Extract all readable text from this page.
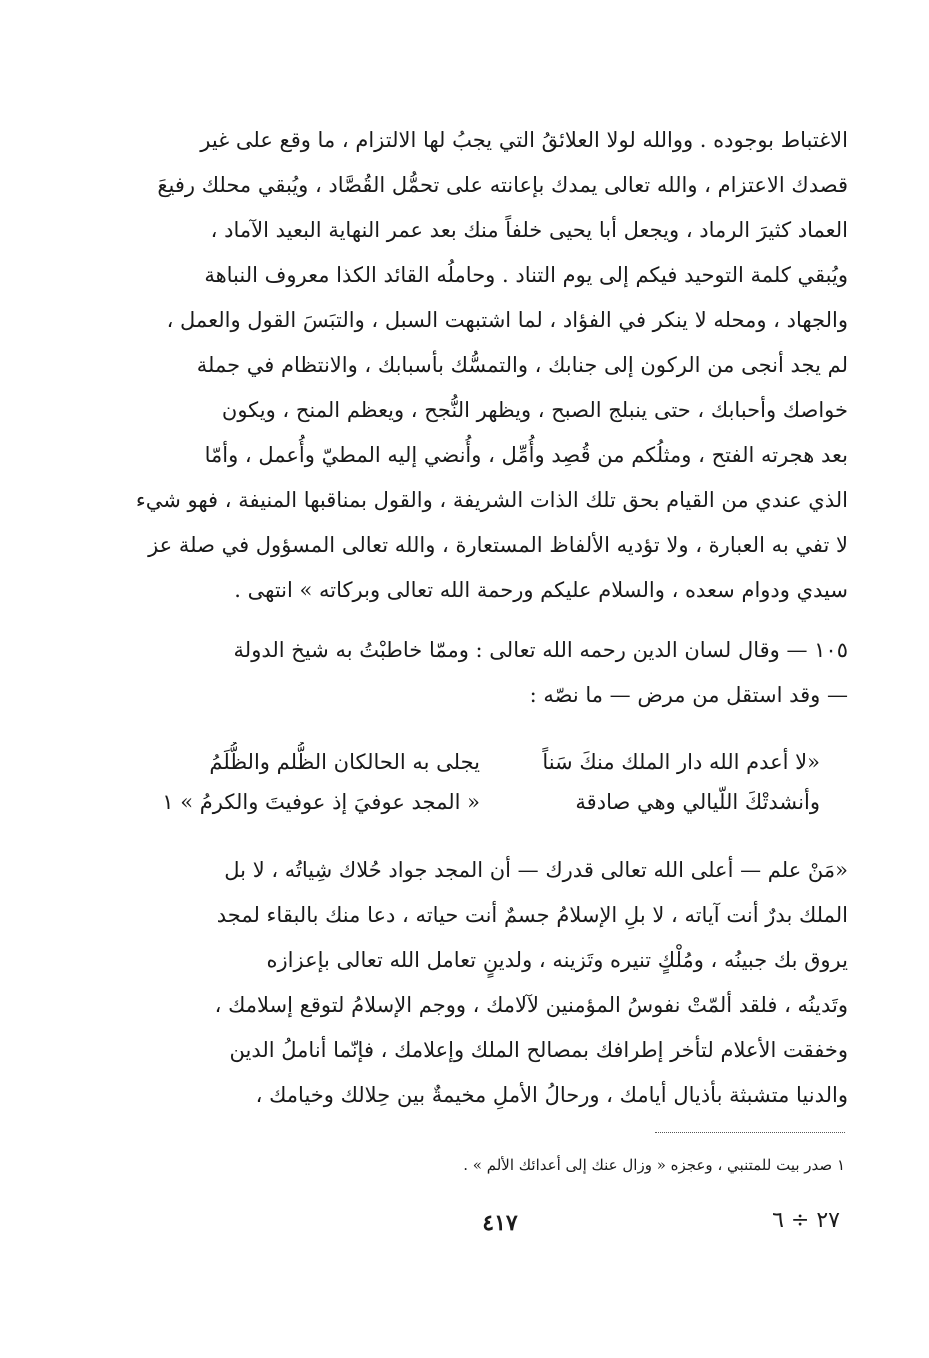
الاغتباط بوجوده . ووالله لولا العلائقُ التي يجبُ لها الالتزام ، ما وقع على غير
قصدك الاعتزام ، والله تعالى يمدك بإعانته على تحمُّل القُصَّاد ، ويُبقي محلك رفيعَ
العماد كثيرَ الرماد ، ويجعل أبا يحيى خلفاً منك بعد عمر النهاية البعيد الآماد ،
ويُبقي كلمة التوحيد فيكم إلى يوم التناد . وحاملُه القائد الكذا معروف النباهة
والجهاد ، ومحله لا ينكر في الفؤاد ، لما اشتبهت السبل ، والتبَسَ القول والعمل ،
لم يجد أنجى من الركون إلى جنابك ، والتمسُّك بأسبابك ، والانتظام في جملة
خواصك وأحبابك ، حتى ينبلج الصبح ، ويظهر النُّجح ، ويعظم المنح ، ويكون
بعد هجرته الفتح ، ومثلُكم من قُصِد وأُمِّل ، وأُنضي إليه المطيّ وأُعمل ، وأمّا
الذي عندي من القيام بحق تلك الذات الشريفة ، والقول بمناقبها المنيفة ، فهو شيء
لا تفي به العبارة ، ولا تؤديه الألفاظ المستعارة ، والله تعالى المسؤول في صلة عز
سيدي ودوام سعده ، والسلام عليكم ورحمة الله تعالى وبركاته » انتهى .
١٠٥ — وقال لسان الدين رحمه الله تعالى : وممّا خاطبْتُ به شيخ الدولة
— وقد استقل من مرض — ما نصّه :
«لا أعدم الله دار الملك منكَ سَناً
يجلى به الحالكان الظُّلم والظُّلَمُ
وأنشدتْكَ اللّيالي وهي صادقة
« المجد عوفيَ إذ عوفيتَ والكرمُ » ١
«مَنْ علم — أعلى الله تعالى قدرك — أن المجد جواد حُلاك شِياتُه ، لا بل
الملك بدرٌ أنت آياته ، لا بلِ الإسلامُ جسمٌ أنت حياته ، دعا منك بالبقاء لمجد
يروق بك جبينُه ، ومُلْكٍ تنيره وتَزينه ، ولدينٍ تعامل الله تعالى بإعزازه
وتَدينُه ، فلقد ألمّتْ نفوسُ المؤمنين لآلامك ، ووجم الإسلامُ لتوقع إسلامك ،
وخفقت الأعلام لتأخر إطرافك بمصالح الملك وإعلامك ، فإنّما أناملُ الدين
والدنيا متشبثة بأذيال أيامك ، ورحالُ الأملِ مخيمةٌ بين حِلالك وخيامك ،
١ صدر بيت للمتنبي ، وعجزه « وزال عنك إلى أعدائك الألم » .
٤١٧	٢٧ ÷ ٦
